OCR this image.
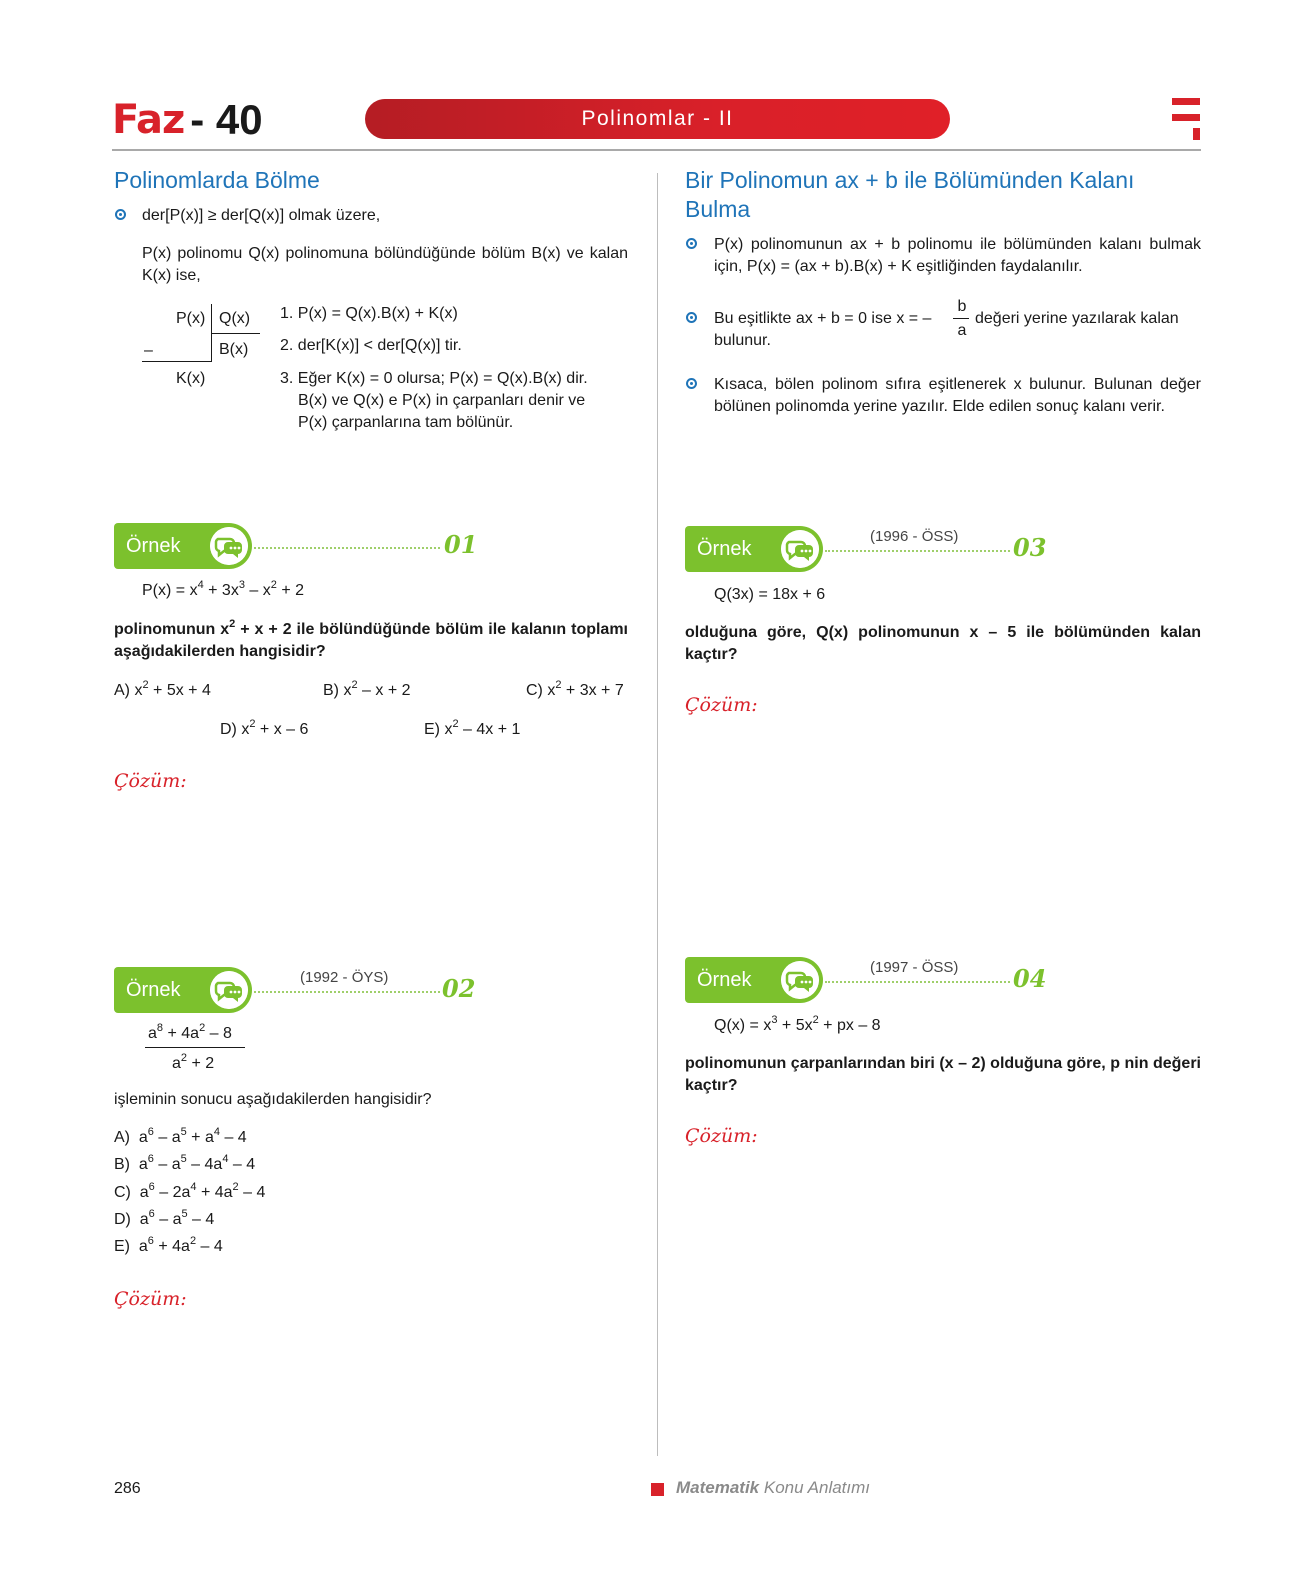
Faz - 40	Polinomlar - II
Polinomlarda Bölme
der[P(x)] ≥ der[Q(x)] olmak üzere,
P(x) polinomu Q(x) polinomuna bölündüğünde bölüm B(x) ve kalan K(x) ise,
P(x) Q(x)
B(x)
–
K(x)
1. P(x) = Q(x).B(x) + K(x)
2. der[K(x)] < der[Q(x)] tir.
3. Eğer K(x) = 0 olursa; P(x) = Q(x).B(x) dir.
B(x) ve Q(x) e P(x) in çarpanları denir ve
P(x) çarpanlarına tam bölünür.
Örnek	01
$P(x) = x^4 + 3x^3 - x^2 + 2$
polinomunun $x^2 + x + 2$ ile bölündüğünde bölüm ile kalanın toplamı aşağıdakilerden hangisidir?
A) $x^2 + 5x + 4$	B) $x^2 - x + 2$	C) $x^2 + 3x + 7$
D) $x^2 + x - 6$	E) $x^2 - 4x + 1$
Çözüm:
Örnek
(1992 - ÖYS) 02
$a^8 + 4a^2 - 8$
$a^2 + 2$
işleminin sonucu aşağıdakilerden hangisidir?
A)  $a^6 - a^5 + a^4 - 4$
B)  $a^6 - a^5 - 4a^4 - 4$
C)  $a^6 - 2a^4 + 4a^2 - 4$
D)  $a^6 - a^5 - 4$
E)  $a^6 + 4a^2 - 4$
Çözüm:
Bir Polinomun ax + b ile Bölümünden Kalanı
Bulma
P(x) polinomunun ax + b polinomu ile bölümünden kalanı bulmak için, P(x) = (ax + b).B(x) + K eşitliğinden faydalanılır.
Bu eşitlikte ax + b = 0 ise x = –
b
a
değeri yerine yazılarak kalan
bulunur.
Kısaca, bölen polinom sıfıra eşitlenerek x bulunur. Bulunan değer bölünen polinomda yerine yazılır. Elde edilen sonuç kalanı verir.
Örnek
(1996 - ÖSS) 03
Q(3x) = 18x + 6
olduğuna göre, Q(x) polinomunun x – 5 ile bölümünden kalan kaçtır?
Çözüm:
Örnek
(1997 - ÖSS) 04
$Q(x) = x^3 + 5x^2$ + px – 8
polinomunun çarpanlarından biri (x – 2) olduğuna göre, p nin değeri kaçtır?
Çözüm:
286	Matematik Konu Anlatımı
